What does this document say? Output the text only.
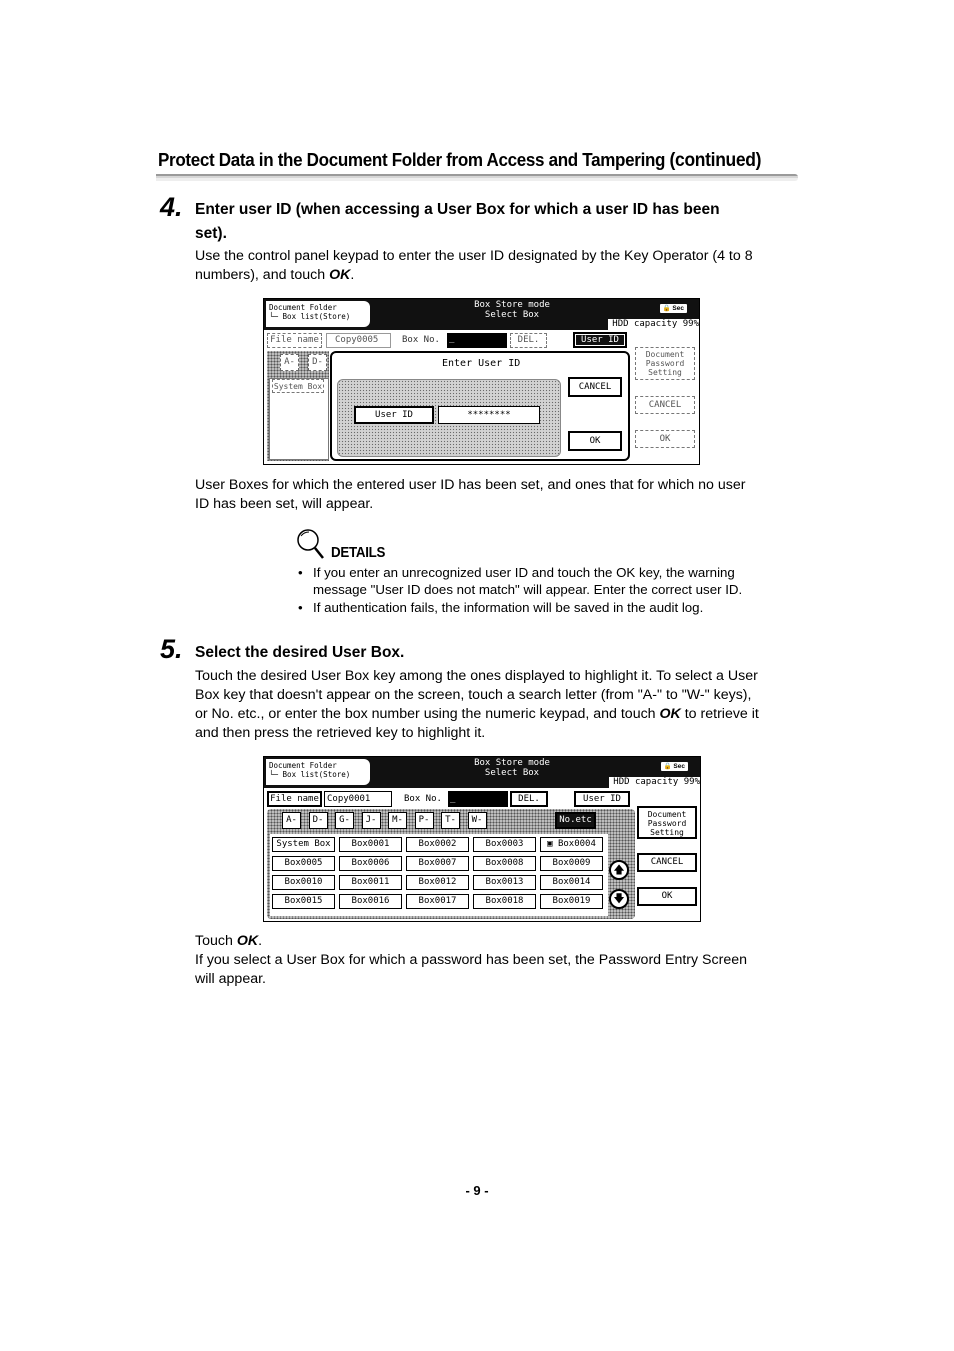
Protect Data in the Document Folder from Access and Tampering (continued)
4. Enter user ID (when accessing a User Box for which a user ID has been
set).
Use the control panel keypad to enter the user ID designated by the Key Operator (4 to 8
numbers), and touch OK.
Document Folder
└─ Box list(Store)
Box Store mode
Select Box
🔒 Sec
HDD capacity 99%
File name	Copy0005	Box No. _	DEL.	User ID
A-	D-
System Box
Enter User ID
User ID	********
CANCEL
OK
Document
Password
Setting
CANCEL
OK
User Boxes for which the entered user ID has been set, and ones that for which no user
ID has been set, will appear.
DETAILS
• If you enter an unrecognized user ID and touch the OK key, the warning
message "User ID does not match" will appear. Enter the correct user ID.
• If authentication fails, the information will be saved in the audit log.
5. Select the desired User Box.
Touch the desired User Box key among the ones displayed to highlight it. To select a User
Box key that doesn't appear on the screen, touch a search letter (from "A-" to "W-" keys),
or No. etc., or enter the box number using the numeric keypad, and touch OK to retrieve it
and then press the retrieved key to highlight it.
Document Folder
└─ Box list(Store)
Box Store mode
Select Box
🔒 Sec
HDD capacity 99%
File name Copy0001	Box No. _	DEL.	User ID
No.etc
🡅
🡇
Document
Password
Setting
CANCEL
OK
A-	D-	G-	J-	M-	P-	T-	W-
System Box	Box0001	Box0002	Box0003	▣ Box0004
Box0005	Box0006	Box0007	Box0008	Box0009
Box0010	Box0011	Box0012	Box0013	Box0014
Box0015	Box0016	Box0017	Box0018	Box0019
Touch OK.
If you select a User Box for which a password has been set, the Password Entry Screen
will appear.
- 9 -
